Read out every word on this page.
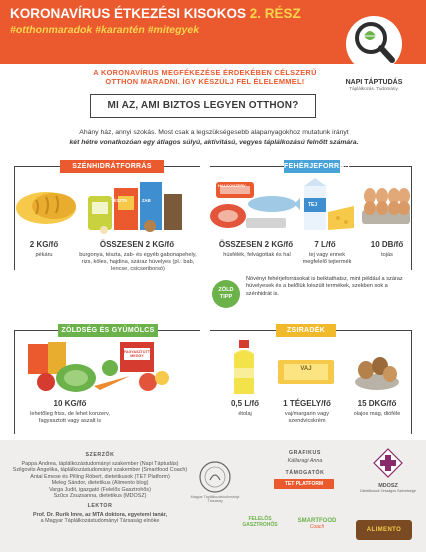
KORONAVÍRUS ÉTKEZÉSI KISOKOS 2. RÉSZ
#otthonmaradok #karantén #mitegyek
NAPI TÁPTUDÁS
Táplálkozás. Tudomány.
A KORONAVÍRUS MEGFÉKEZÉSE ÉRDEKÉBEN CÉLSZERŰ
OTTHON MARADNI. ÍGY KÉSZÜLJ FEL ÉLELEMMEL!
MI AZ, AMI BIZTOS LEGYEN OTTHON?
Ahány ház, annyi szokás. Most csak a legszükségesebb alapanyagokhoz mutatunk irányt
két hétre vonatkozóan egy átlagos súlyú, aktivitású, vegyes táplálkozású felnőtt számára.
SZÉNHIDRÁTFORRÁS
2 KG/fő
pékáru
TÉSZTA	ZAB
ÖSSZESEN 2 KG/fő
burgonya, tészta, zab- és egyéb gabonapehely, rizs, köles, hajdina, száraz hüvelyes (pl.: bab, lencse, csicseriborsó)
FEHÉRJEFORRÁS
HALKONZERV
ÖSSZESEN 2 KG/fő
húsfélék, felvágottak és hal
TEJ
7 L/fő
tej vagy ennek megfelelő tejtermék
10 DB/fő
tojás
ZÖLD
TIPP
Növényi fehérjeforrásokat is beiktathatsz, mint például a száraz hüvelyesek és a belőlük készült termékek, szekben sok a szénhidrát is.
ZÖLDSÉG ÉS GYÜMÖLCS
FAGYASZTOTT MEGGY
10 KG/fő
lehetőleg friss, de lehet konzerv, fagyasztott vagy aszalt is
ZSIRADÉK
0,5 L/fő
étolaj
VAJ
1 TÉGELY/fő
vaj/margarin vagy szendvicskrém
15 DKG/fő
olajos mag, dióféle
SZERZŐK
Pappa Andrea, táplálkozástudományi szakember (Napi Táptudás)
Szilgovits Angelika, táplálkozástudományi szakember (Smartfood Coach)
Antal Emese és Pilling Róbert, dietetikusok (TET Platform)
Meleg Sándor, dietetikus (Alimento blog)
Varga Judit, igazgató (Felelős Gasztrohős)
Szűcs Zsuzsanna, dietetikus (MDOSZ)
LEKTOR
Prof. Dr. Rurik Imre, az MTA doktora, egyetemi tanár,
a Magyar Táplálkozástudományi Társaság elnöke
Magyar Táplálkozástudományi Társaság
GRAFIKUS
Kállaragi Anna
TÁMOGATÓK
TET PLATFORM	MDOSZ
Dietetikusok Országos Szövetsége
FELELŐS GASZTROHŐS
SMARTFOOD
Coach	ALIMENTO
